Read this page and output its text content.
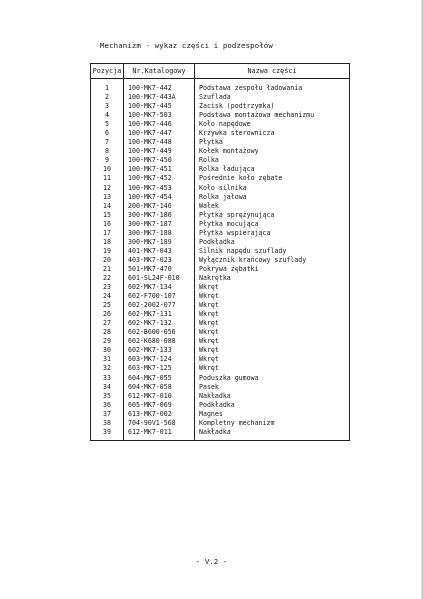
Mechanizm - wykaz części i podzespołów
Pozycja	Nr.Katalogowy	Nazwa części

1	100-MK7-442	Podstawa zespołu ładowania
2	100-MK7-443A	Szuflada
3	100-MK7-445	Zacisk (podtrzymka)
4	100-MK7-503	Podstawa montażowa mechanizmu
5	100-MK7-446	Koło napędowe
6	100-MK7-447	Krzywka sterownicza
7	100-MK7-448	Płytka
8	100-MK7-449	Kołek montażowy
9	100-MK7-450	Rolka
10	100-MK7-451	Rolka ładująca
11	100-MK7-452	Pośrednie koło zębate
12	100-MK7-453	Koło silnika
13	100-MK7-454	Rolka jałowa
14	200-MK7-146	Wałek
15	300-MK7-186	Płytka sprężynująca
16	300-MK7-187	Płytka mocująca
17	300-MK7-188	Płytka wspierająca
18	300-MK7-189	Podkładka
19	401-MK7-043	Silnik napędu szuflady
20	403-MK7-023	Wyłącznik krańcowy szuflady
21	501-MK7-470	Pokrywa zębatki
22	601-SL24F-010	Nakrętka
23	602-MK7-134	Wkręt
24	602-F700-107	Wkręt
25	602-2002-077	Wkręt
26	602-MK7-131	Wkręt
27	602-MK7-132	Wkręt
28	602-B600-056	Wkręt
29	602-K680-088	Wkręt
30	602-MK7-133	Wkręt
31	603-MK7-124	Wkręt
32	603-MK7-125	Wkręt
33	604-MK7-055	Poduszka gumowa
34	604-MK7-058	Pasek
35	612-MK7-010	Nakładka
36	605-MK7-069	Podkładka
37	613-MK7-002	Magnes
38	704-90V1-568	Kompletny mechanizm
39	612-MK7-011	Nakładka
- V.2 -
